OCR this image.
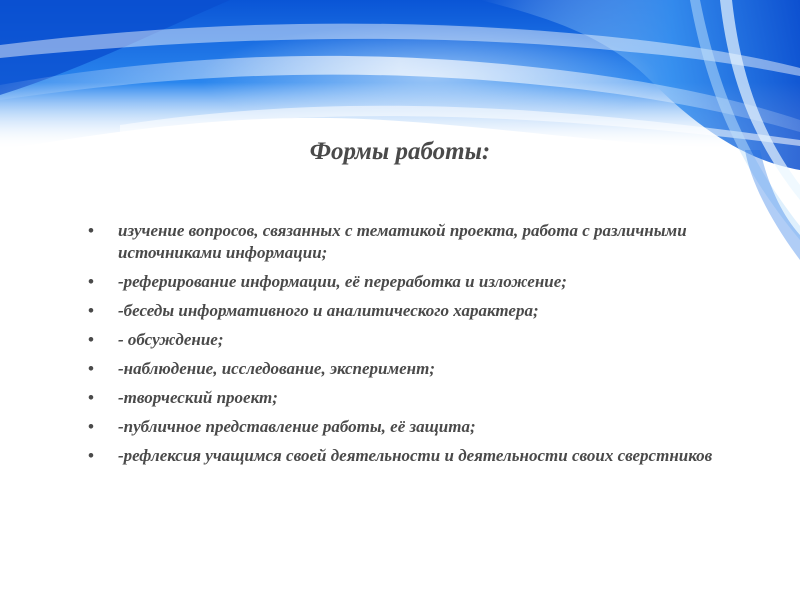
Формы работы:
• изучение вопросов, связанных с тематикой проекта, работа с различными источниками информации;
• -реферирование информации, её переработка и изложение;
• -беседы информативного и аналитического характера;
• - обсуждение;
• -наблюдение, исследование, эксперимент;
• -творческий проект;
• -публичное представление работы, её защита;
• -рефлексия учащимся своей деятельности и деятельности своих сверстников
